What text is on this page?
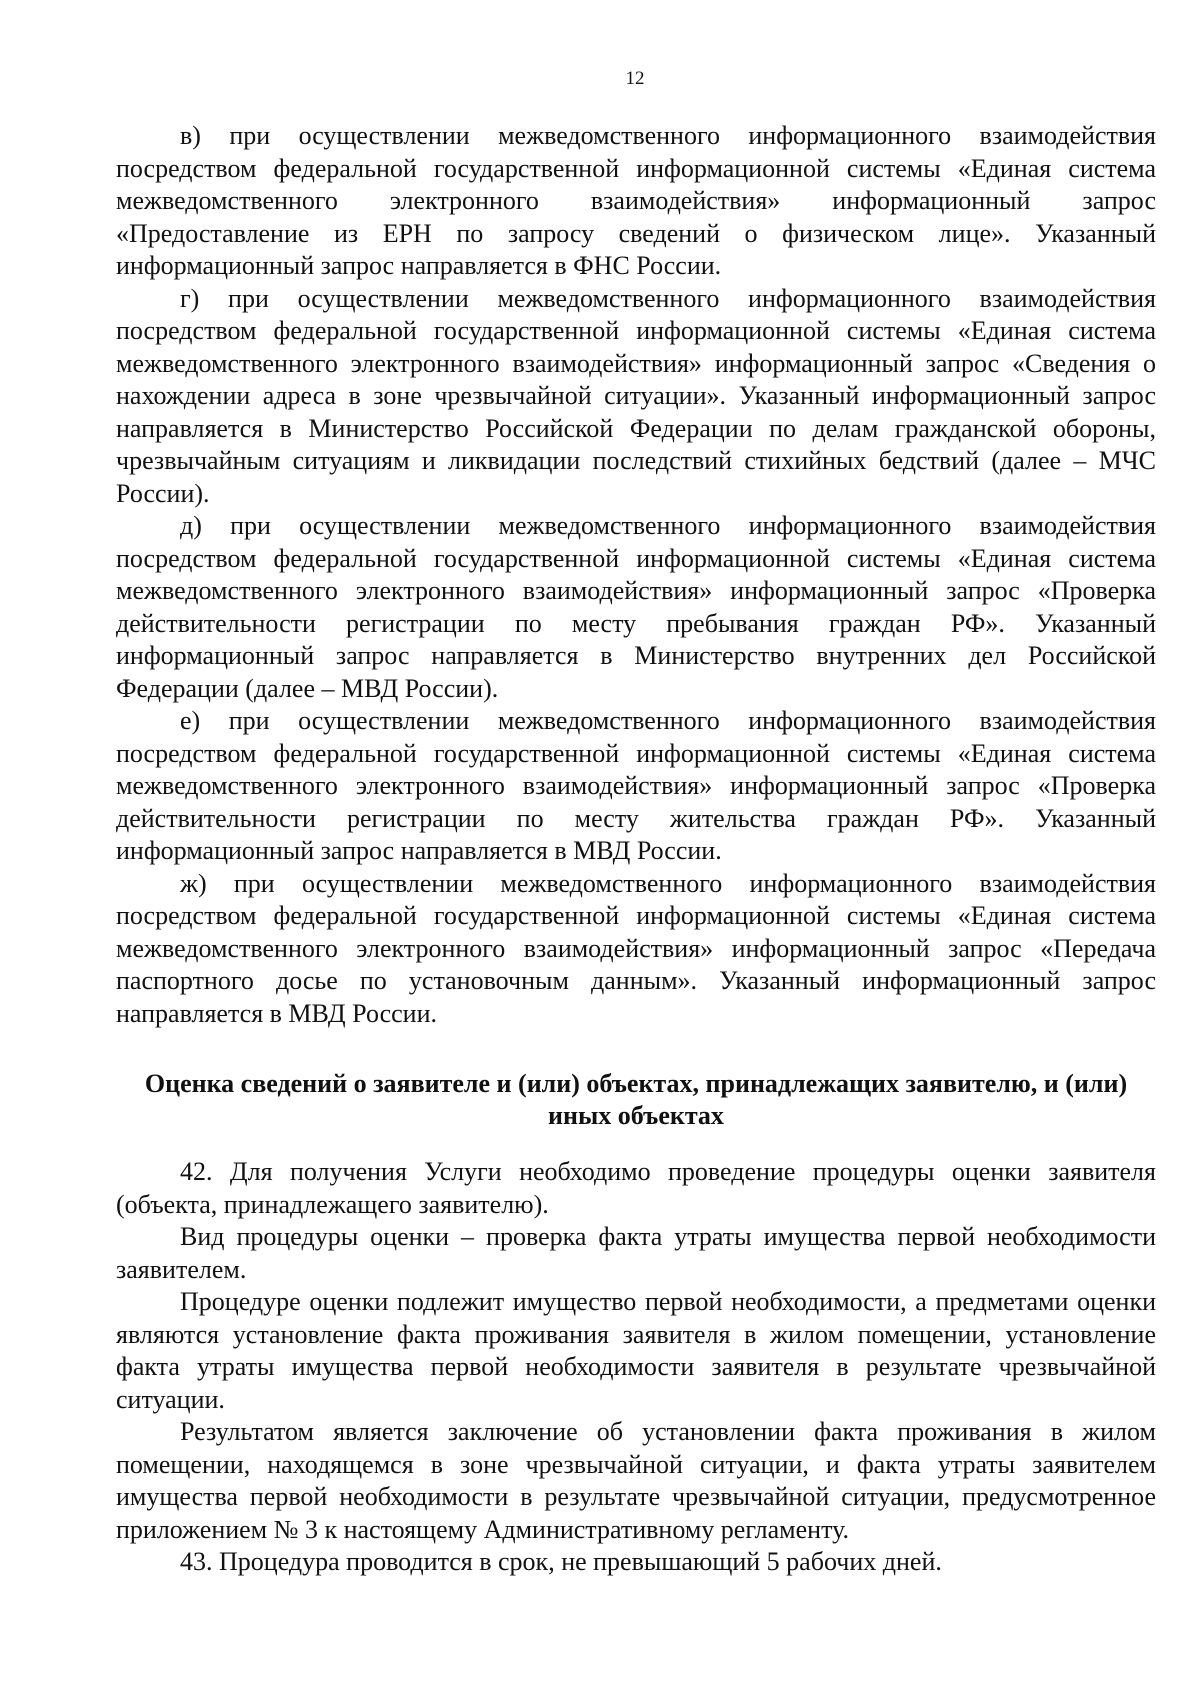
12

в) при осуществлении межведомственного информационного взаимодействия посредством федеральной государственной информационной системы «Единая система межведомственного электронного взаимодействия» информационный запрос «Предоставление из ЕРН по запросу сведений о физическом лице». Указанный информационный запрос направляется в ФНС России.

г) при осуществлении межведомственного информационного взаимодействия посредством федеральной государственной информационной системы «Единая система межведомственного электронного взаимодействия» информационный запрос «Сведения о нахождении адреса в зоне чрезвычайной ситуации». Указанный информационный запрос направляется в Министерство Российской Федерации по делам гражданской обороны, чрезвычайным ситуациям и ликвидации последствий стихийных бедствий (далее – МЧС России).

д) при осуществлении межведомственного информационного взаимодействия посредством федеральной государственной информационной системы «Единая система межведомственного электронного взаимодействия» информационный запрос «Проверка действительности регистрации по месту пребывания граждан РФ». Указанный информационный запрос направляется в Министерство внутренних дел Российской Федерации (далее – МВД России).

е) при осуществлении межведомственного информационного взаимодействия посредством федеральной государственной информационной системы «Единая система межведомственного электронного взаимодействия» информационный запрос «Проверка действительности регистрации по месту жительства граждан РФ». Указанный информационный запрос направляется в МВД России.

ж) при осуществлении межведомственного информационного взаимодействия посредством федеральной государственной информационной системы «Единая система межведомственного электронного взаимодействия» информационный запрос «Передача паспортного досье по установочным данным». Указанный информационный запрос направляется в МВД России.

Оценка сведений о заявителе и (или) объектах, принадлежащих заявителю, и (или) иных объектах

42. Для получения Услуги необходимо проведение процедуры оценки заявителя (объекта, принадлежащего заявителю).

Вид процедуры оценки – проверка факта утраты имущества первой необходимости заявителем.

Процедуре оценки подлежит имущество первой необходимости, а предметами оценки являются установление факта проживания заявителя в жилом помещении, установление факта утраты имущества первой необходимости заявителя в результате чрезвычайной ситуации.

Результатом является заключение об установлении факта проживания в жилом помещении, находящемся в зоне чрезвычайной ситуации, и факта утраты заявителем имущества первой необходимости в результате чрезвычайной ситуации, предусмотренное приложением № 3 к настоящему Административному регламенту.

43. Процедура проводится в срок, не превышающий 5 рабочих дней.
